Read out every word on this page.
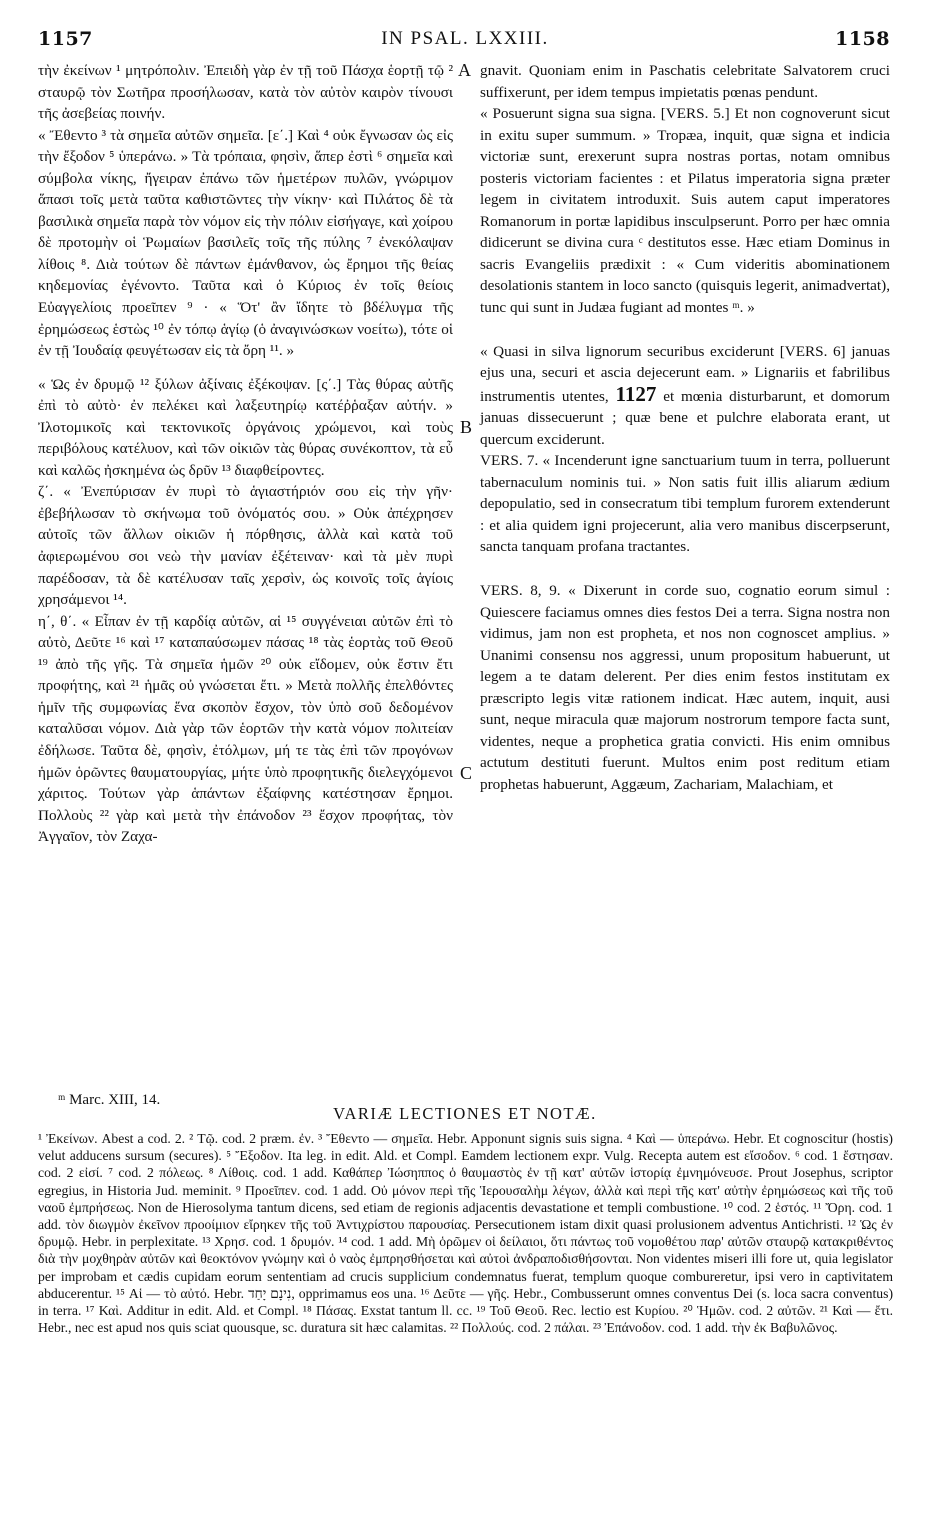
1157	IN PSAL. LXXIII.	1158

τὴν ἐκείνων ¹ μητρόπολιν. Ἐπειδὴ γὰρ ἐν τῇ τοῦ Πάσχα ἑορτῇ τῷ ² σταυρῷ τὸν Σωτῆρα προσήλωσαν, κατὰ τὸν αὐτὸν καιρὸν τίνουσι τῆς ἀσεβείας ποινήν.

« Ἔθεντο ³ τὰ σημεῖα αὐτῶν σημεῖα. [ε΄.] Καὶ ⁴ οὐκ ἔγνωσαν ὡς εἰς τὴν ἔξοδον ⁵ ὑπεράνω. » Τὰ τρόπαια, φησὶν, ἅπερ ἐστὶ ⁶ σημεῖα καὶ σύμβολα νίκης, ἤγειραν ἐπάνω τῶν ἡμετέρων πυλῶν, γνώριμον ἅπασι τοῖς μετὰ ταῦτα καθιστῶντες τὴν νίκην· καὶ Πιλάτος δὲ τὰ βασιλικὰ σημεῖα παρὰ τὸν νόμον εἰς τὴν πόλιν εἰσήγαγε, καὶ χοίρου δὲ προτομὴν οἱ Ῥωμαίων βασιλεῖς τοῖς τῆς πύλης ⁷ ἐνεκόλαψαν λίθοις ⁸. Διὰ τούτων δὲ πάντων ἐμάνθανον, ὡς ἔρημοι τῆς θείας κηδεμονίας ἐγένοντο. Ταῦτα καὶ ὁ Κύριος ἐν τοῖς θείοις Εὐαγγελίοις προεῖπεν ⁹ · « Ὅτ' ἂν ἴδητε τὸ βδέλυγμα τῆς ἐρημώσεως ἑστὼς ¹⁰ ἐν τόπῳ ἁγίῳ (ὁ ἀναγινώσκων νοείτω), τότε οἱ ἐν τῇ Ἰουδαίᾳ φευγέτωσαν εἰς τὰ ὄρη ¹¹. »

« Ὡς ἐν δρυμῷ ¹² ξύλων ἀξίναις ἐξέκοψαν. [ς΄.] Τὰς θύρας αὐτῆς ἐπὶ τὸ αὐτὸ· ἐν πελέκει καὶ λαξευτηρίῳ κατέῤῥαξαν αὐτήν. » Ἰλοτομικοῖς καὶ τεκτονικοῖς ὀργάνοις χρώμενοι, καὶ τοὺς περιβόλους κατέλυον, καὶ τῶν οἰκιῶν τὰς θύρας συνέκοπτον, τὰ εὖ καὶ καλῶς ἠσκημένα ὡς δρῦν ¹³ διαφθείροντες.

ζ΄. « Ἐνεπύρισαν ἐν πυρὶ τὸ ἁγιαστήριόν σου εἰς τὴν γῆν· ἐβεβήλωσαν τὸ σκήνωμα τοῦ ὀνόματός σου. » Οὐκ ἀπέχρησεν αὐτοῖς τῶν ἄλλων οἰκιῶν ἡ πόρθησις, ἀλλὰ καὶ κατὰ τοῦ ἀφιερωμένου σοι νεὼ τὴν μανίαν ἐξέτειναν· καὶ τὰ μὲν πυρὶ παρέδοσαν, τὰ δὲ κατέλυσαν ταῖς χερσὶν, ὡς κοινοῖς τοῖς ἁγίοις χρησάμενοι ¹⁴.

η΄, θ΄. « Εἶπαν ἐν τῇ καρδίᾳ αὐτῶν, αἱ ¹⁵ συγγένειαι αὐτῶν ἐπὶ τὸ αὐτὸ, Δεῦτε ¹⁶ καὶ ¹⁷ καταπαύσωμεν πάσας ¹⁸ τὰς ἑορτὰς τοῦ Θεοῦ ¹⁹ ἀπὸ τῆς γῆς. Τὰ σημεῖα ἡμῶν ²⁰ οὐκ εἴδομεν, οὐκ ἔστιν ἔτι προφήτης, καὶ ²¹ ἡμᾶς οὐ γνώσεται ἔτι. » Μετὰ πολλῆς ἐπελθόντες ἡμῖν τῆς συμφωνίας ἕνα σκοπὸν ἔσχον, τὸν ὑπὸ σοῦ δεδομένον καταλῦσαι νόμον. Διὰ γὰρ τῶν ἑορτῶν τὴν κατὰ νόμον πολιτείαν ἐδήλωσε. Ταῦτα δὲ, φησὶν, ἐτόλμων, μή τε τὰς ἐπὶ τῶν προγόνων ἡμῶν ὁρῶντες θαυματουργίας, μήτε ὑπὸ προφητικῆς διελεγχόμενοι χάριτος. Τούτων γὰρ ἁπάντων ἐξαίφνης κατέστησαν ἔρημοι. Πολλοὺς ²² γὰρ καὶ μετὰ τὴν ἐπάνοδον ²³ ἔσχον προφήτας, τὸν Ἀγγαῖον, τὸν Ζαχα-

gnavit. Quoniam enim in Paschatis celebritate Salvatorem cruci suffixerunt, per idem tempus impietatis pœnas pendunt.

« Posuerunt signa sua signa. [VERS. 5.] Et non cognoverunt sicut in exitu super summum. » Tropæa, inquit, quæ signa et indicia victoriæ sunt, erexerunt supra nostras portas, notam omnibus posteris victoriam facientes : et Pilatus imperatoria signa præter legem in civitatem introduxit. Suis autem caput imperatores Romanorum in portæ lapidibus insculpserunt. Porro per hæc omnia didicerunt se divina cura ᶜ destitutos esse. Hæc etiam Dominus in sacris Evangeliis prædixit : « Cum videritis abominationem desolationis stantem in loco sancto (quisquis legerit, animadvertat), tunc qui sunt in Judæa fugiant ad montes ᵐ. »

« Quasi in silva lignorum securibus exciderunt [VERS. 6] januas ejus una, securi et ascia dejecerunt eam. » Lignariis et fabrilibus instrumentis utentes, 1127 et mœnia disturbarunt, et domorum januas dissecuerunt ; quæ bene et pulchre elaborata erant, ut quercum exciderunt.

VERS. 7. « Incenderunt igne sanctuarium tuum in terra, polluerunt tabernaculum nominis tui. » Non satis fuit illis aliarum ædium depopulatio, sed in consecratum tibi templum furorem extenderunt : et alia quidem igni projecerunt, alia vero manibus discerpserunt, sancta tanquam profana tractantes.

VERS. 8, 9. « Dixerunt in corde suo, cognatio eorum simul : Quiescere faciamus omnes dies festos Dei a terra. Signa nostra non vidimus, jam non est propheta, et nos non cognoscet amplius. » Unanimi consensu nos aggressi, unum propositum habuerunt, ut legem a te datam delerent. Per dies enim festos institutam ex præscripto legis vitæ rationem indicat. Hæc autem, inquit, ausi sunt, neque miracula quæ majorum nostrorum tempore facta sunt, videntes, neque a prophetica gratia convicti. His enim omnibus actutum destituti fuerunt. Multos enim post reditum etiam prophetas habuerunt, Aggæum, Zachariam, Malachiam, et

A
B
C
ᵐ Marc. XIII, 14.
VARIÆ LECTIONES ET NOTÆ.

¹ Ἐκείνων. Abest a cod. 2. ² Τῷ. cod. 2 præm. ἐν. ³ Ἔθεντο — σημεῖα. Hebr. Apponunt signis suis signa. ⁴ Καὶ — ὑπεράνω. Hebr. Et cognoscitur (hostis) velut adducens sursum (secures). ⁵ Ἔξοδον. Ita leg. in edit. Ald. et Compl. Eamdem lectionem expr. Vulg. Recepta autem est εἴσοδον. ⁶ cod. 1 ἔστησαν. cod. 2 εἰσί. ⁷ cod. 2 πόλεως. ⁸ Λίθοις. cod. 1 add. Καθάπερ Ἰώσηππος ὁ θαυμαστὸς ἐν τῇ κατ' αὐτῶν ἱστορίᾳ ἐμνημόνευσε. Prout Josephus, scriptor egregius, in Historia Jud. meminit. ⁹ Προεῖπεν. cod. 1 add. Οὐ μόνον περὶ τῆς Ἱερουσαλὴμ λέγων, ἀλλὰ καὶ περὶ τῆς κατ' αὐτὴν ἐρημώσεως καὶ τῆς τοῦ ναοῦ ἐμπρήσεως. Non de Hierosolyma tantum dicens, sed etiam de regionis adjacentis devastatione et templi combustione. ¹⁰ cod. 2 ἑστός. ¹¹ Ὄρη. cod. 1 add. τὸν διωγμὸν ἐκεῖνον προοίμιον εἴρηκεν τῆς τοῦ Ἀντιχρίστου παρουσίας. Persecutionem istam dixit quasi prolusionem adventus Antichristi. ¹² Ὡς ἐν δρυμῷ. Hebr. in perplexitate. ¹³ Χρησ. cod. 1 δρυμόν. ¹⁴ cod. 1 add. Μὴ ὁρῶμεν οἱ δείλαιοι, ὅτι πάντως τοῦ νομοθέτου παρ' αὐτῶν σταυρῷ κατακριθέντος διὰ τὴν μοχθηρὰν αὐτῶν καὶ θεοκτόνον γνώμην καὶ ὁ ναὸς ἐμπρησθήσεται καὶ αὐτοὶ ἀνδραποδισθήσονται. Non videntes miseri illi fore ut, quia legislator per improbam et cædis cupidam eorum sententiam ad crucis supplicium condemnatus fuerat, templum quoque combureretur, ipsi vero in captivitatem abducerentur. ¹⁵ Αἱ — τὸ αὐτό. Hebr. נִינָם יָחַד, opprimamus eos una. ¹⁶ Δεῦτε — γῆς. Hebr., Combusserunt omnes conventus Dei (s. loca sacra conventus) in terra. ¹⁷ Καὶ. Additur in edit. Ald. et Compl. ¹⁸ Πάσας. Exstat tantum ll. cc. ¹⁹ Τοῦ Θεοῦ. Rec. lectio est Κυρίου. ²⁰ Ἡμῶν. cod. 2 αὐτῶν. ²¹ Καὶ — ἔτι. Hebr., nec est apud nos quis sciat quousque, sc. duratura sit hæc calamitas. ²² Πολλούς. cod. 2 πάλαι. ²³ Ἐπάνοδον. cod. 1 add. τὴν ἐκ Βαβυλῶνος.
